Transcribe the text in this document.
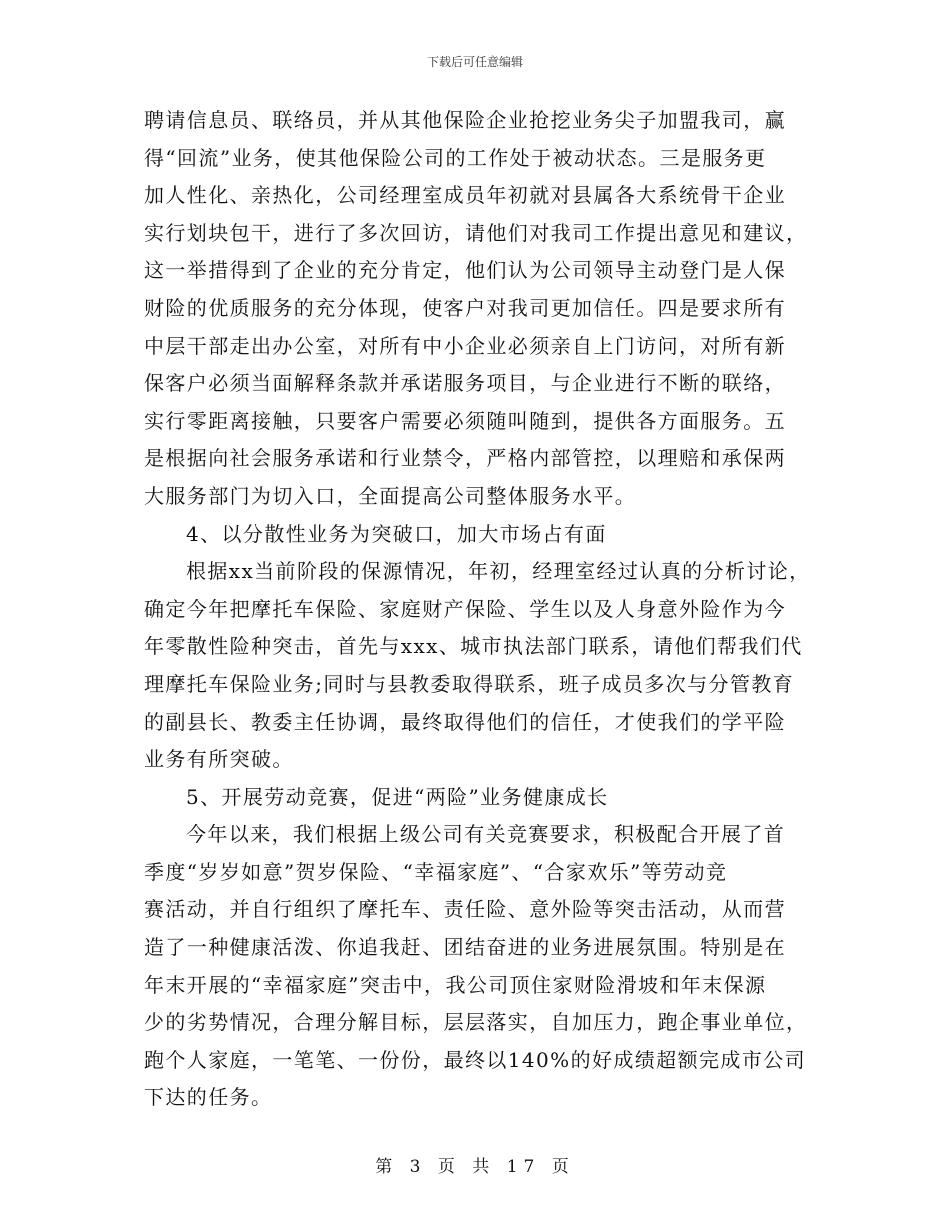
下载后可任意编辑
聘请信息员、联络员，并从其他保险企业抢挖业务尖子加盟我司，赢
得“回流”业务，使其他保险公司的工作处于被动状态。三是服务更
加人性化、亲热化，公司经理室成员年初就对县属各大系统骨干企业
实行划块包干，进行了多次回访，请他们对我司工作提出意见和建议，
这一举措得到了企业的充分肯定，他们认为公司领导主动登门是人保
财险的优质服务的充分体现，使客户对我司更加信任。四是要求所有
中层干部走出办公室，对所有中小企业必须亲自上门访问，对所有新
保客户必须当面解释条款并承诺服务项目，与企业进行不断的联络，
实行零距离接触，只要客户需要必须随叫随到，提供各方面服务。五
是根据向社会服务承诺和行业禁令，严格内部管控，以理赔和承保两
大服务部门为切入口，全面提高公司整体服务水平。
4、以分散性业务为突破口，加大市场占有面
根据xx当前阶段的保源情况，年初，经理室经过认真的分析讨论，
确定今年把摩托车保险、家庭财产保险、学生以及人身意外险作为今
年零散性险种突击，首先与xxx、城市执法部门联系，请他们帮我们代
理摩托车保险业务;同时与县教委取得联系，班子成员多次与分管教育
的副县长、教委主任协调，最终取得他们的信任，才使我们的学平险
业务有所突破。
5、开展劳动竞赛，促进“两险”业务健康成长
今年以来，我们根据上级公司有关竞赛要求，积极配合开展了首
季度“岁岁如意”贺岁保险、“幸福家庭”、“合家欢乐”等劳动竞
赛活动，并自行组织了摩托车、责任险、意外险等突击活动，从而营
造了一种健康活泼、你追我赶、团结奋进的业务进展氛围。特别是在
年末开展的“幸福家庭”突击中，我公司顶住家财险滑坡和年末保源
少的劣势情况，合理分解目标，层层落实，自加压力，跑企事业单位，
跑个人家庭，一笔笔、一份份，最终以140%的好成绩超额完成市公司
下达的任务。
第 3 页 共 17 页
